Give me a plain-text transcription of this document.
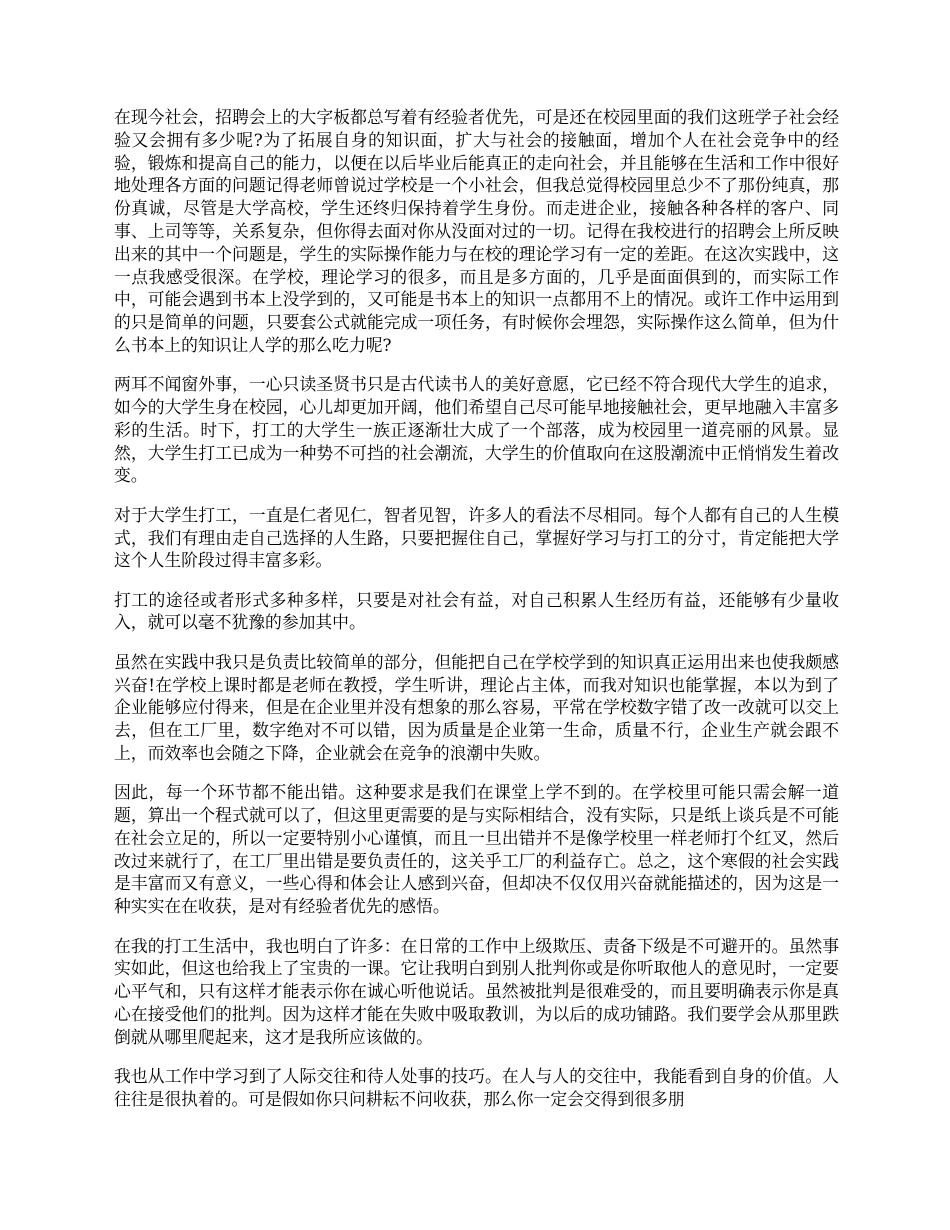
在现今社会，招聘会上的大字板都总写着有经验者优先，可是还在校园里面的我们这班学子社会经验又会拥有多少呢?为了拓展自身的知识面，扩大与社会的接触面，增加个人在社会竞争中的经验，锻炼和提高自己的能力，以便在以后毕业后能真正的走向社会，并且能够在生活和工作中很好地处理各方面的问题记得老师曾说过学校是一个小社会，但我总觉得校园里总少不了那份纯真，那份真诚，尽管是大学高校，学生还终归保持着学生身份。而走进企业，接触各种各样的客户、同事、上司等等，关系复杂，但你得去面对你从没面对过的一切。记得在我校进行的招聘会上所反映出来的其中一个问题是，学生的实际操作能力与在校的理论学习有一定的差距。在这次实践中，这一点我感受很深。在学校，理论学习的很多，而且是多方面的，几乎是面面俱到的，而实际工作中，可能会遇到书本上没学到的，又可能是书本上的知识一点都用不上的情况。或许工作中运用到的只是简单的问题，只要套公式就能完成一项任务，有时候你会埋怨，实际操作这么简单，但为什么书本上的知识让人学的那么吃力呢?

两耳不闻窗外事，一心只读圣贤书只是古代读书人的美好意愿，它已经不符合现代大学生的追求，如今的大学生身在校园，心儿却更加开阔，他们希望自己尽可能早地接触社会，更早地融入丰富多彩的生活。时下，打工的大学生一族正逐渐壮大成了一个部落，成为校园里一道亮丽的风景。显然，大学生打工已成为一种势不可挡的社会潮流，大学生的价值取向在这股潮流中正悄悄发生着改变。

对于大学生打工，一直是仁者见仁，智者见智，许多人的看法不尽相同。每个人都有自己的人生模式，我们有理由走自己选择的人生路，只要把握住自己，掌握好学习与打工的分寸，肯定能把大学这个人生阶段过得丰富多彩。

打工的途径或者形式多种多样，只要是对社会有益，对自己积累人生经历有益，还能够有少量收入，就可以毫不犹豫的参加其中。

虽然在实践中我只是负责比较简单的部分，但能把自己在学校学到的知识真正运用出来也使我颇感兴奋!在学校上课时都是老师在教授，学生听讲，理论占主体，而我对知识也能掌握，本以为到了企业能够应付得来，但是在企业里并没有想象的那么容易，平常在学校数字错了改一改就可以交上去，但在工厂里，数字绝对不可以错，因为质量是企业第一生命，质量不行，企业生产就会跟不上，而效率也会随之下降，企业就会在竞争的浪潮中失败。

因此，每一个环节都不能出错。这种要求是我们在课堂上学不到的。在学校里可能只需会解一道题，算出一个程式就可以了，但这里更需要的是与实际相结合，没有实际，只是纸上谈兵是不可能在社会立足的，所以一定要特别小心谨慎，而且一旦出错并不是像学校里一样老师打个红叉，然后改过来就行了，在工厂里出错是要负责任的，这关乎工厂的利益存亡。总之，这个寒假的社会实践是丰富而又有意义，一些心得和体会让人感到兴奋，但却决不仅仅用兴奋就能描述的，因为这是一种实实在在收获，是对有经验者优先的感悟。

在我的打工生活中，我也明白了许多：在日常的工作中上级欺压、责备下级是不可避开的。虽然事实如此，但这也给我上了宝贵的一课。它让我明白到别人批判你或是你听取他人的意见时，一定要心平气和，只有这样才能表示你在诚心听他说话。虽然被批判是很难受的，而且要明确表示你是真心在接受他们的批判。因为这样才能在失败中吸取教训，为以后的成功铺路。我们要学会从那里跌倒就从哪里爬起来，这才是我所应该做的。

我也从工作中学习到了人际交往和待人处事的技巧。在人与人的交往中，我能看到自身的价值。人往往是很执着的。可是假如你只问耕耘不问收获，那么你一定会交得到很多朋
